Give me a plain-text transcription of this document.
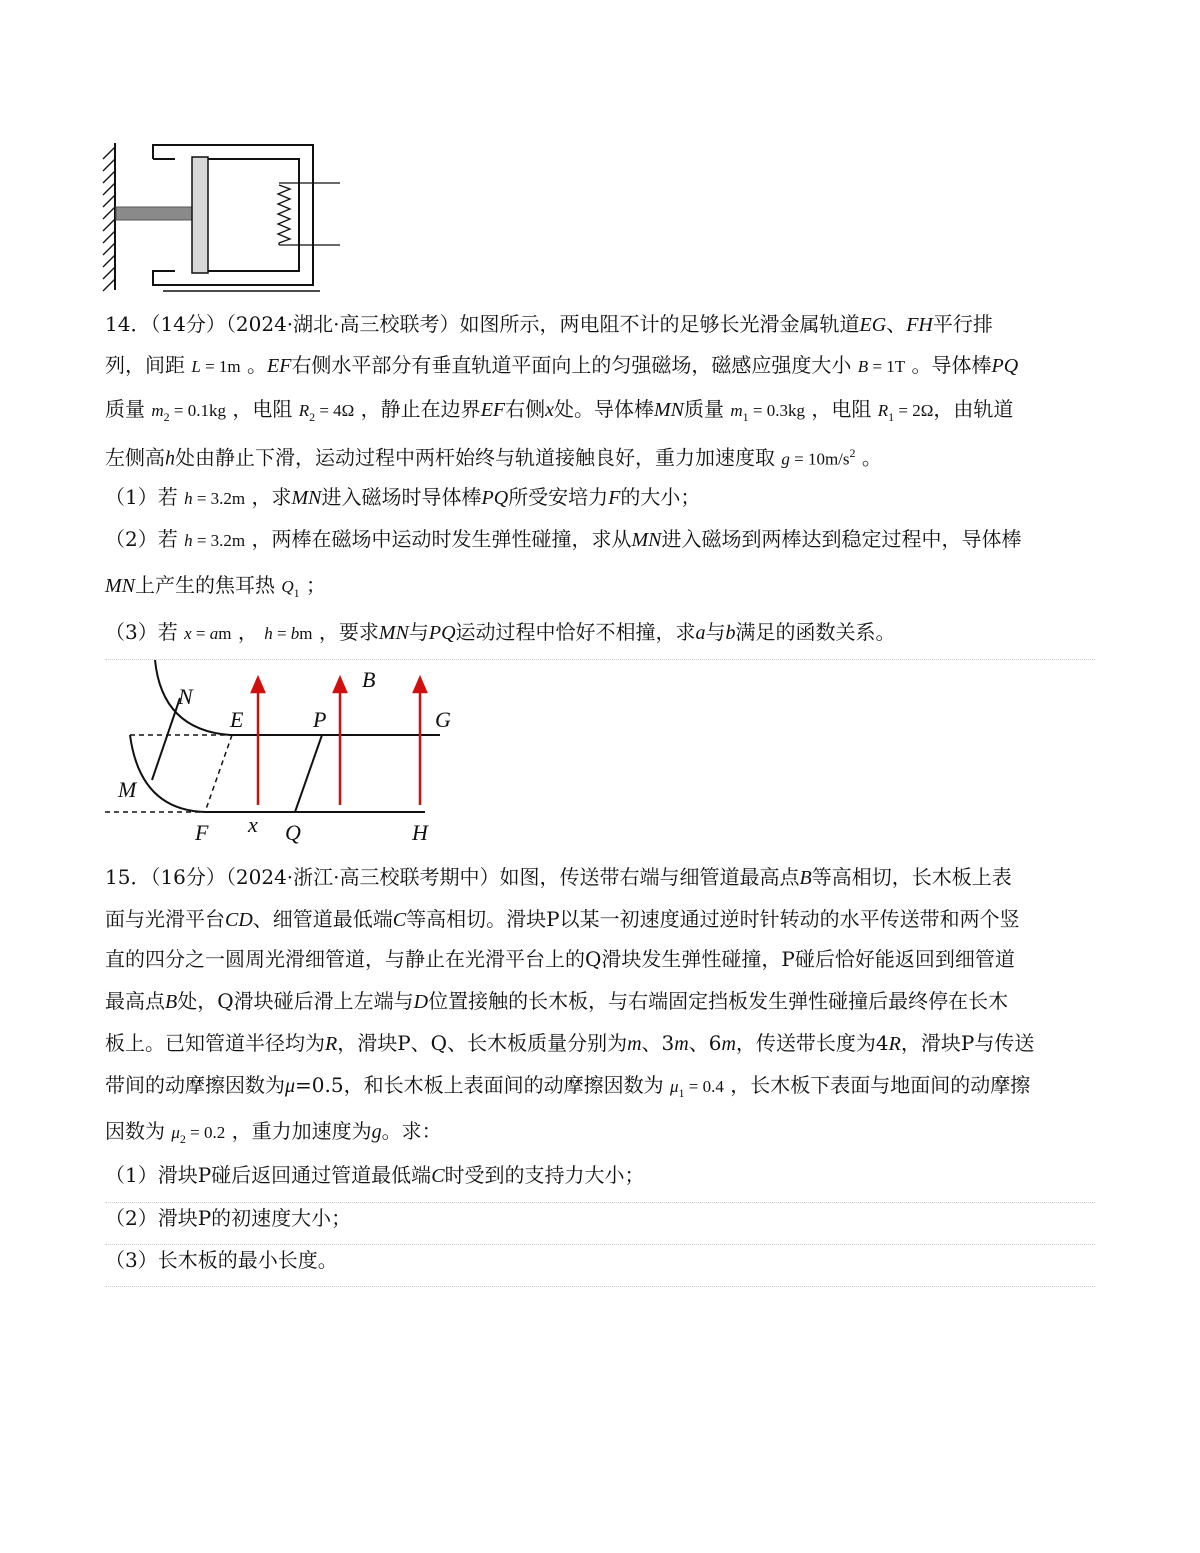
14．（14分）（2024·湖北·高三校联考）如图所示，两电阻不计的足够长光滑金属轨道EG、FH平行排
列，间距 L = 1m 。EF右侧水平部分有垂直轨道平面向上的匀强磁场，磁感应强度大小 B = 1T 。导体棒PQ
质量 $m_2 = 0.1kg$ ，电阻 $R_2 = 4\Omega$ ，静止在边界EF右侧x处。导体棒MN质量 $m_1 = 0.3kg$ ，电阻 $R_1 = 2\Omega$，由轨道
左侧高h处由静止下滑，运动过程中两杆始终与轨道接触良好，重力加速度取 $g = 10m/s^2$ 。
（1）若 h = 3.2m ，求MN进入磁场时导体棒PQ所受安培力F的大小；
（2）若 h = 3.2m ，两棒在磁场中运动时发生弹性碰撞，求从MN进入磁场到两棒达到稳定过程中，导体棒
MN上产生的焦耳热 $Q_1$ ；
（3）若 x = am ， h = bm ，要求MN与PQ运动过程中恰好不相撞，求a与b满足的函数关系。
N
E	P
B
G
M
F x Q	H
15．（16分）（2024·浙江·高三校联考期中）如图，传送带右端与细管道最高点B等高相切，长木板上表
面与光滑平台CD、细管道最低端C等高相切。滑块P以某一初速度通过逆时针转动的水平传送带和两个竖
直的四分之一圆周光滑细管道，与静止在光滑平台上的Q滑块发生弹性碰撞，P碰后恰好能返回到细管道
最高点B处，Q滑块碰后滑上左端与D位置接触的长木板，与右端固定挡板发生弹性碰撞后最终停在长木
板上。已知管道半径均为R，滑块P、Q、长木板质量分别为m、3m、6m，传送带长度为4R，滑块P与传送
带间的动摩擦因数为μ=0.5，和长木板上表面间的动摩擦因数为 $\mu_1 = 0.4$ ，长木板下表面与地面间的动摩擦
因数为 $\mu_2 = 0.2$ ，重力加速度为g。求：
（1）滑块P碰后返回通过管道最低端C时受到的支持力大小；
（2）滑块P的初速度大小；
（3）长木板的最小长度。
